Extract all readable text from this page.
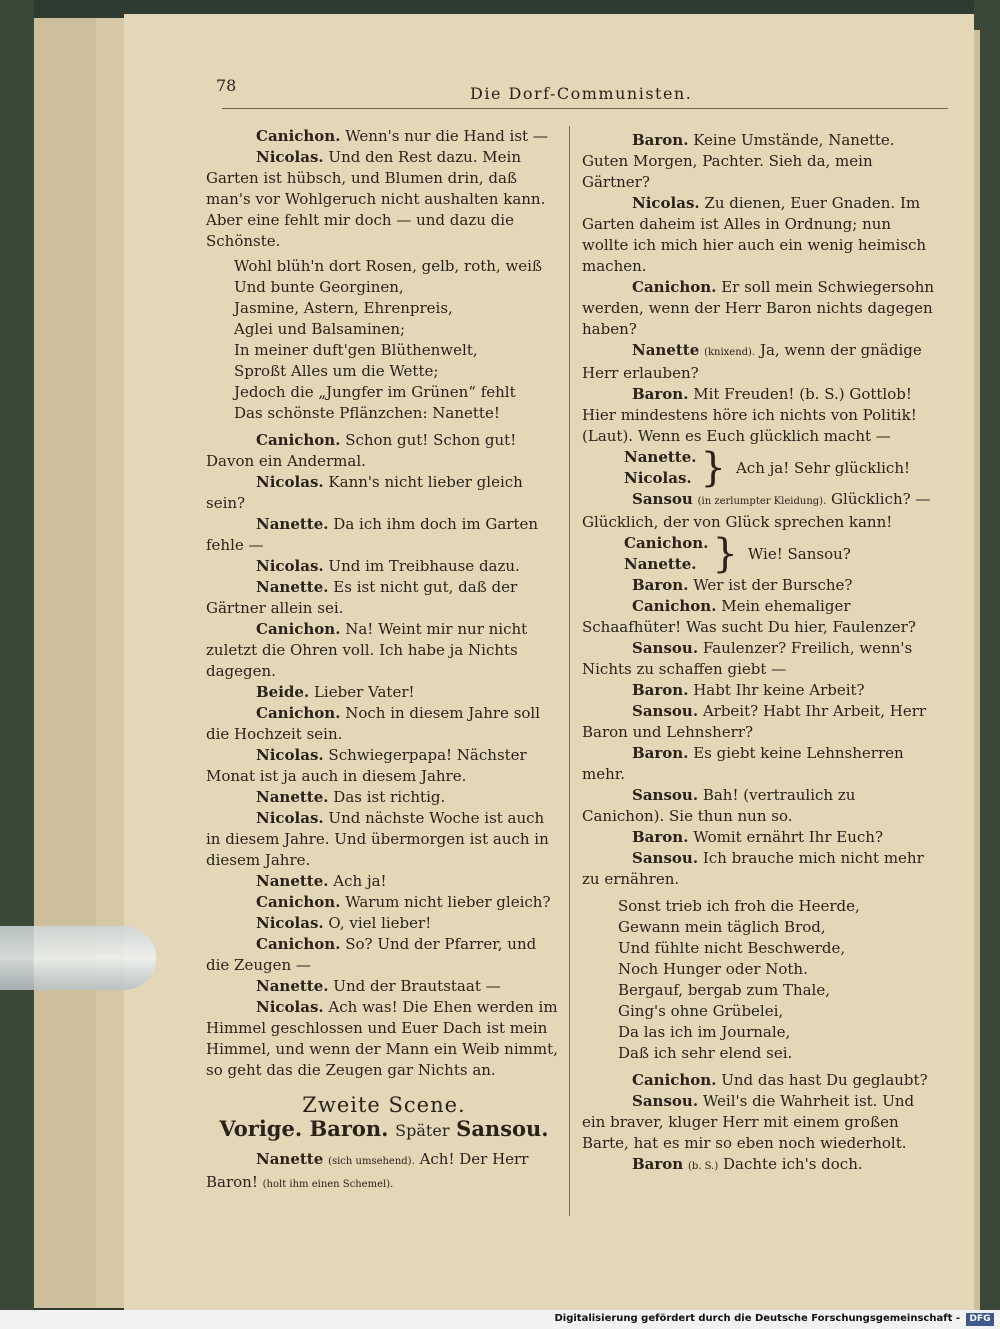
78	Die Dorf-Communisten.

Canichon. Wenn's nur die Hand ist —

Nicolas. Und den Rest dazu. Mein Garten ist hübsch, und Blumen drin, daß man's vor Wohlgeruch nicht aushalten kann. Aber eine fehlt mir doch — und dazu die Schönste.

Wohl blüh'n dort Rosen, gelb, roth, weiß
Und bunte Georginen,
Jasmine, Astern, Ehrenpreis,
Aglei und Balsaminen;
In meiner duft'gen Blüthenwelt,
Sproßt Alles um die Wette;
Jedoch die „Jungfer im Grünen“ fehlt
Das schönste Pflänzchen: Nanette!

Canichon. Schon gut! Schon gut! Davon ein Andermal.

Nicolas. Kann's nicht lieber gleich sein?

Nanette. Da ich ihm doch im Garten fehle —

Nicolas. Und im Treibhause dazu.

Nanette. Es ist nicht gut, daß der Gärtner allein sei.

Canichon. Na! Weint mir nur nicht zuletzt die Ohren voll. Ich habe ja Nichts dagegen.

Beide. Lieber Vater!

Canichon. Noch in diesem Jahre soll die Hochzeit sein.

Nicolas. Schwiegerpapa! Nächster Monat ist ja auch in diesem Jahre.

Nanette. Das ist richtig.

Nicolas. Und nächste Woche ist auch in diesem Jahre. Und übermorgen ist auch in diesem Jahre.

Nanette. Ach ja!

Canichon. Warum nicht lieber gleich?

Nicolas. O, viel lieber!

Canichon. So? Und der Pfarrer, und die Zeugen —

Nanette. Und der Brautstaat —

Nicolas. Ach was! Die Ehen werden im Himmel geschlossen und Euer Dach ist mein Himmel, und wenn der Mann ein Weib nimmt, so geht das die Zeugen gar Nichts an.

Zweite Scene.
Vorige. Baron. Später Sansou.

Nanette (sich umsehend). Ach! Der Herr Baron! (holt ihm einen Schemel).

Baron. Keine Umstände, Nanette. Guten Morgen, Pachter. Sieh da, mein Gärtner?

Nicolas. Zu dienen, Euer Gnaden. Im Garten daheim ist Alles in Ordnung; nun wollte ich mich hier auch ein wenig heimisch machen.

Canichon. Er soll mein Schwiegersohn werden, wenn der Herr Baron nichts dagegen haben?

Nanette (knixend). Ja, wenn der gnädige Herr erlauben?

Baron. Mit Freuden! (b. S.) Gottlob! Hier mindestens höre ich nichts von Politik! (Laut). Wenn es Euch glücklich macht —

Nanette.
Nicolas. } Ach ja! Sehr glücklich!

Sansou (in zerlumpter Kleidung). Glücklich? — Glücklich, der von Glück sprechen kann!

Canichon.
Nanette. } Wie! Sansou?

Baron. Wer ist der Bursche?

Canichon. Mein ehemaliger Schaafhüter! Was sucht Du hier, Faulenzer?

Sansou. Faulenzer? Freilich, wenn's Nichts zu schaffen giebt —

Baron. Habt Ihr keine Arbeit?

Sansou. Arbeit? Habt Ihr Arbeit, Herr Baron und Lehnsherr?

Baron. Es giebt keine Lehnsherren mehr.

Sansou. Bah! (vertraulich zu Canichon). Sie thun nun so.

Baron. Womit ernährt Ihr Euch?

Sansou. Ich brauche mich nicht mehr zu ernähren.

Sonst trieb ich froh die Heerde,
Gewann mein täglich Brod,
Und fühlte nicht Beschwerde,
Noch Hunger oder Noth.
Bergauf, bergab zum Thale,
Ging's ohne Grübelei,
Da las ich im Journale,
Daß ich sehr elend sei.

Canichon. Und das hast Du geglaubt?

Sansou. Weil's die Wahrheit ist. Und ein braver, kluger Herr mit einem großen Barte, hat es mir so eben noch wiederholt.

Baron (b. S.) Dachte ich's doch.

Digitalisierung gefördert durch die Deutsche Forschungsgemeinschaft -	DFG
